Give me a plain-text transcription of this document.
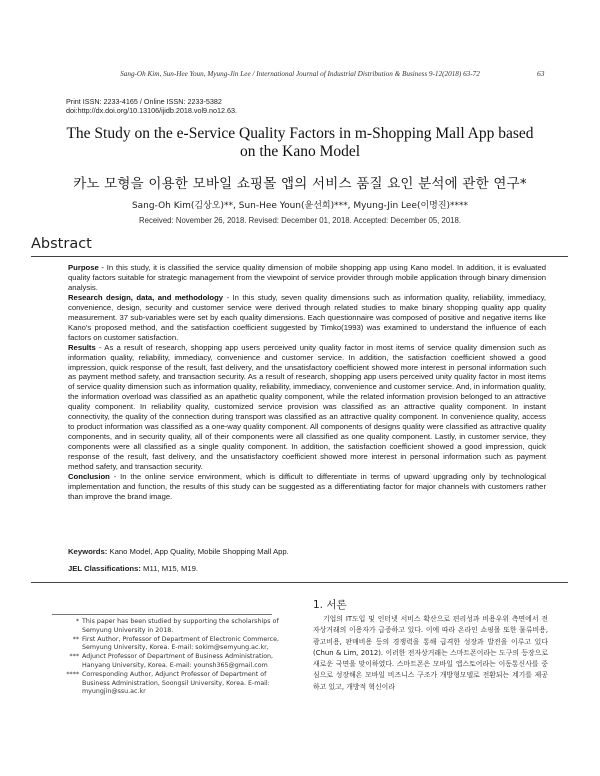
Sang-Oh Kim, Sun-Hee Youn, Myung-Jin Lee / International Journal of Industrial Distribution & Business 9-12(2018) 63-72	63
Print ISSN: 2233-4165 / Online ISSN: 2233-5382
doi:http://dx.doi.org/10.13106/ijidb.2018.vol9.no12.63.
The Study on the e-Service Quality Factors in m-Shopping Mall App based
on the Kano Model
카노 모형을 이용한 모바일 쇼핑몰 앱의 서비스 품질 요인 분석에 관한 연구*
Sang-Oh Kim(김상오)**, Sun-Hee Youn(윤선희)***, Myung-Jin Lee(이명진)****
Received: November 26, 2018. Revised: December 01, 2018. Accepted: December 05, 2018.
Abstract

Purpose - In this study, it is classified the service quality dimension of mobile shopping app using Kano model. In addition, it is evaluated quality factors suitable for strategic management from the viewpoint of service provider through mobile application through binary dimension analysis.

Research design, data, and methodology - In this study, seven quality dimensions such as information quality, reliability, immediacy, convenience, design, security and customer service were derived through related studies to make binary shopping quality app quality measurement. 37 sub-variables were set by each quality dimensions. Each questionnaire was composed of positive and negative items like Kano's proposed method, and the satisfaction coefficient suggested by Timko(1993) was examined to understand the influence of each factors on customer satisfaction.

Results - As a result of research, shopping app users perceived unity quality factor in most items of service quality dimension such as information quality, reliability, immediacy, convenience and customer service. In addition, the satisfaction coefficient showed a good impression, quick response of the result, fast delivery, and the unsatisfactory coefficient showed more interest in personal information such as payment method safety, and transaction security. As a result of research, shopping app users perceived unity quality factor in most items of service quality dimension such as information quality, reliability, immediacy, convenience and customer service. And, in information quality, the information overload was classified as an apathetic quality component, while the related information provision belonged to an attractive quality component. In reliability quality, customized service provision was classified as an attractive quality component. In instant connectivity, the quality of the connection during transport was classified as an attractive quality component. In convenience quality, access to product information was classified as a one-way quality component. All components of designs quality were classified as attractive quality components, and in security quality, all of their components were all classified as one quality component. Lastly, in customer service, they components were all classified as a single quality component. In addition, the satisfaction coefficient showed a good impression, quick response of the result, fast delivery, and the unsatisfactory coefficient showed more interest in personal information such as payment method safety, and transaction security.

Conclusion - In the online service environment, which is difficult to differentiate in terms of upward upgrading only by technological implementation and function, the results of this study can be suggested as a differentiating factor for major channels with customers rather than improve the brand image.

Keywords: Kano Model, App Quality, Mobile Shopping Mall App.
JEL Classifications: M11, M15, M19.

* This paper has been studied by supporting the scholarships of Semyung University in 2018.

** First Author, Professor of Department of Electronic Commerce, Semyung University, Korea. E-mail: sokim@semyung.ac.kr,

*** Adjunct Professor of Department of Business Administration, Hanyang University, Korea. E-mail: younsh365@gmail.com

**** Corresponding Author, Adjunct Professor of Department of Business Administration, Soongsil University, Korea. E-mail: myungjin@ssu.ac.kr

1. 서론

기업의 IT도입 및 인터넷 서비스 확산으로 편리성과 비용우위 측면에서 전자상거래의 이용자가 급증하고 있다. 이에 따라 온라인 쇼핑몰 또한 물류비용, 광고비용, 판매비용 등의 경쟁력을 통해 급격한 성장과 발전을 이루고 있다(Chun & Lim, 2012). 이러한 전자상거래는 스마트폰이라는 도구의 등장으로 새로운 국면을 맞이하였다. 스마트폰은 모바일 앱스토어라는 이동통신사를 중심으로 성장해온 모바일 비즈니스 구조가 개방형모델로 전환되는 계기를 제공하고 있고, 개방적 혁신이라
